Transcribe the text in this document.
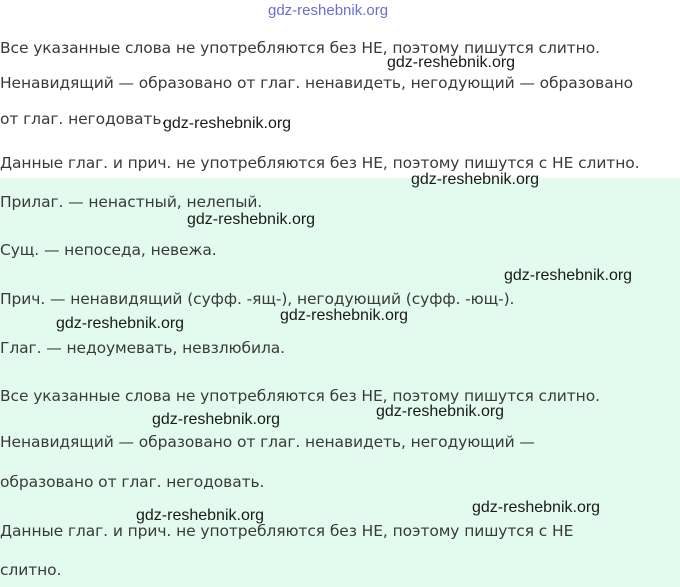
Все указанные слова не употребляются без НЕ, поэтому пишутся слитно.

Ненавидящий — образовано от глаг. ненавидеть, негодующий — образовано

от глаг. негодовать.

Данные глаг. и прич. не употребляются без НЕ, поэтому пишутся с НЕ слитно.

Прилаг. — ненастный, нелепый.

Сущ. — непоседа, невежа.

Прич. — ненавидящий (суфф. -ящ-), негодующий (суфф. -ющ-).

Глаг. — недоумевать, невзлюбила.

Все указанные слова не употребляются без НЕ, поэтому пишутся слитно.

Ненавидящий — образовано от глаг. ненавидеть, негодующий —

образовано от глаг. негодовать.

Данные глаг. и прич. не употребляются без НЕ, поэтому пишутся с НЕ

слитно.

gdz-reshebnik.org
gdz-reshebnik.org
gdz-reshebnik.org
gdz-reshebnik.org
gdz-reshebnik.org
gdz-reshebnik.org
gdz-reshebnik.org
gdz-reshebnik.org
gdz-reshebnik.org
gdz-reshebnik.org
gdz-reshebnik.org
gdz-reshebnik.org
